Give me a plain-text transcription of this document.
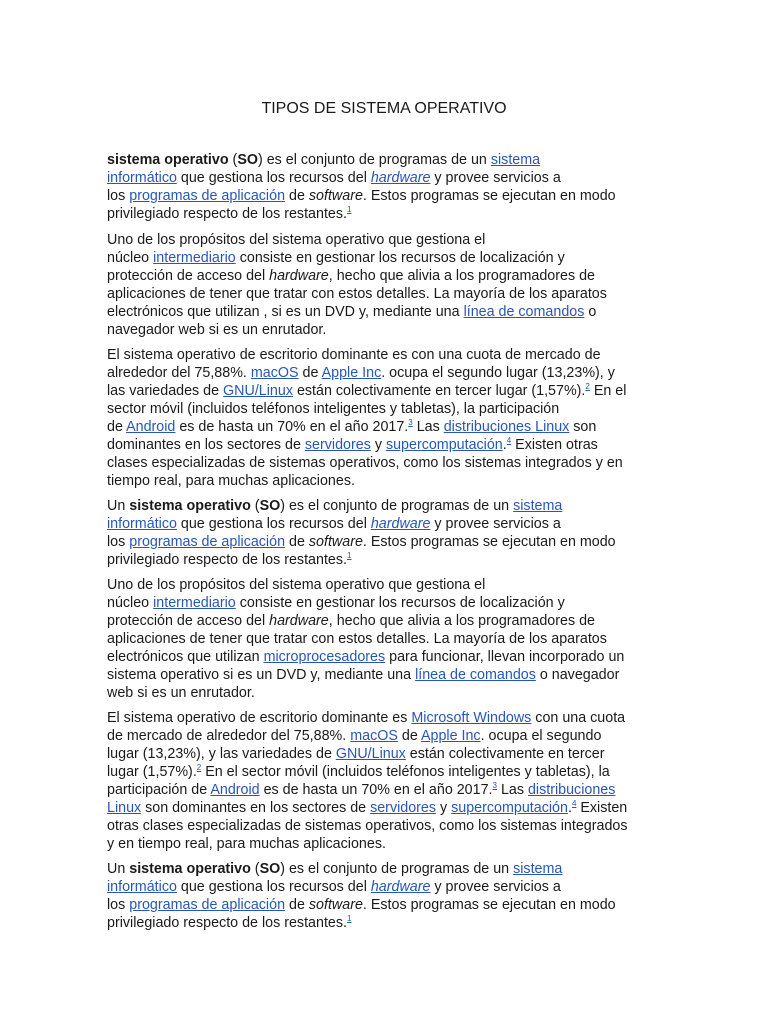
TIPOS DE SISTEMA OPERATIVO
sistema operativo (SO) es el conjunto de programas de un sistema
informático que gestiona los recursos del hardware y provee servicios a
los programas de aplicación de software. Estos programas se ejecutan en modo
privilegiado respecto de los restantes.$^1$
Uno de los propósitos del sistema operativo que gestiona el
núcleo intermediario consiste en gestionar los recursos de localización y
protección de acceso del hardware, hecho que alivia a los programadores de
aplicaciones de tener que tratar con estos detalles. La mayoría de los aparatos
electrónicos que utilizan , si es un DVD y, mediante una línea de comandos o
navegador web si es un enrutador.
El sistema operativo de escritorio dominante es con una cuota de mercado de
alrededor del 75,88%. macOS de Apple Inc. ocupa el segundo lugar (13,23%), y
las variedades de GNU/Linux están colectivamente en tercer lugar (1,57%).$^2$ En el
sector móvil (incluidos teléfonos inteligentes y tabletas), la participación
de Android es de hasta un 70% en el año 2017.$^3$ Las distribuciones Linux son
dominantes en los sectores de servidores y supercomputación.$^4$ Existen otras
clases especializadas de sistemas operativos, como los sistemas integrados y en
tiempo real, para muchas aplicaciones.
Un sistema operativo (SO) es el conjunto de programas de un sistema
informático que gestiona los recursos del hardware y provee servicios a
los programas de aplicación de software. Estos programas se ejecutan en modo
privilegiado respecto de los restantes.$^1$
Uno de los propósitos del sistema operativo que gestiona el
núcleo intermediario consiste en gestionar los recursos de localización y
protección de acceso del hardware, hecho que alivia a los programadores de
aplicaciones de tener que tratar con estos detalles. La mayoría de los aparatos
electrónicos que utilizan microprocesadores para funcionar, llevan incorporado un
sistema operativo si es un DVD y, mediante una línea de comandos o navegador
web si es un enrutador.
El sistema operativo de escritorio dominante es Microsoft Windows con una cuota
de mercado de alrededor del 75,88%. macOS de Apple Inc. ocupa el segundo
lugar (13,23%), y las variedades de GNU/Linux están colectivamente en tercer
lugar (1,57%).$^2$ En el sector móvil (incluidos teléfonos inteligentes y tabletas), la
participación de Android es de hasta un 70% en el año 2017.$^3$ Las distribuciones
Linux son dominantes en los sectores de servidores y supercomputación.$^4$ Existen
otras clases especializadas de sistemas operativos, como los sistemas integrados
y en tiempo real, para muchas aplicaciones.
Un sistema operativo (SO) es el conjunto de programas de un sistema
informático que gestiona los recursos del hardware y provee servicios a
los programas de aplicación de software. Estos programas se ejecutan en modo
privilegiado respecto de los restantes.$^1$
